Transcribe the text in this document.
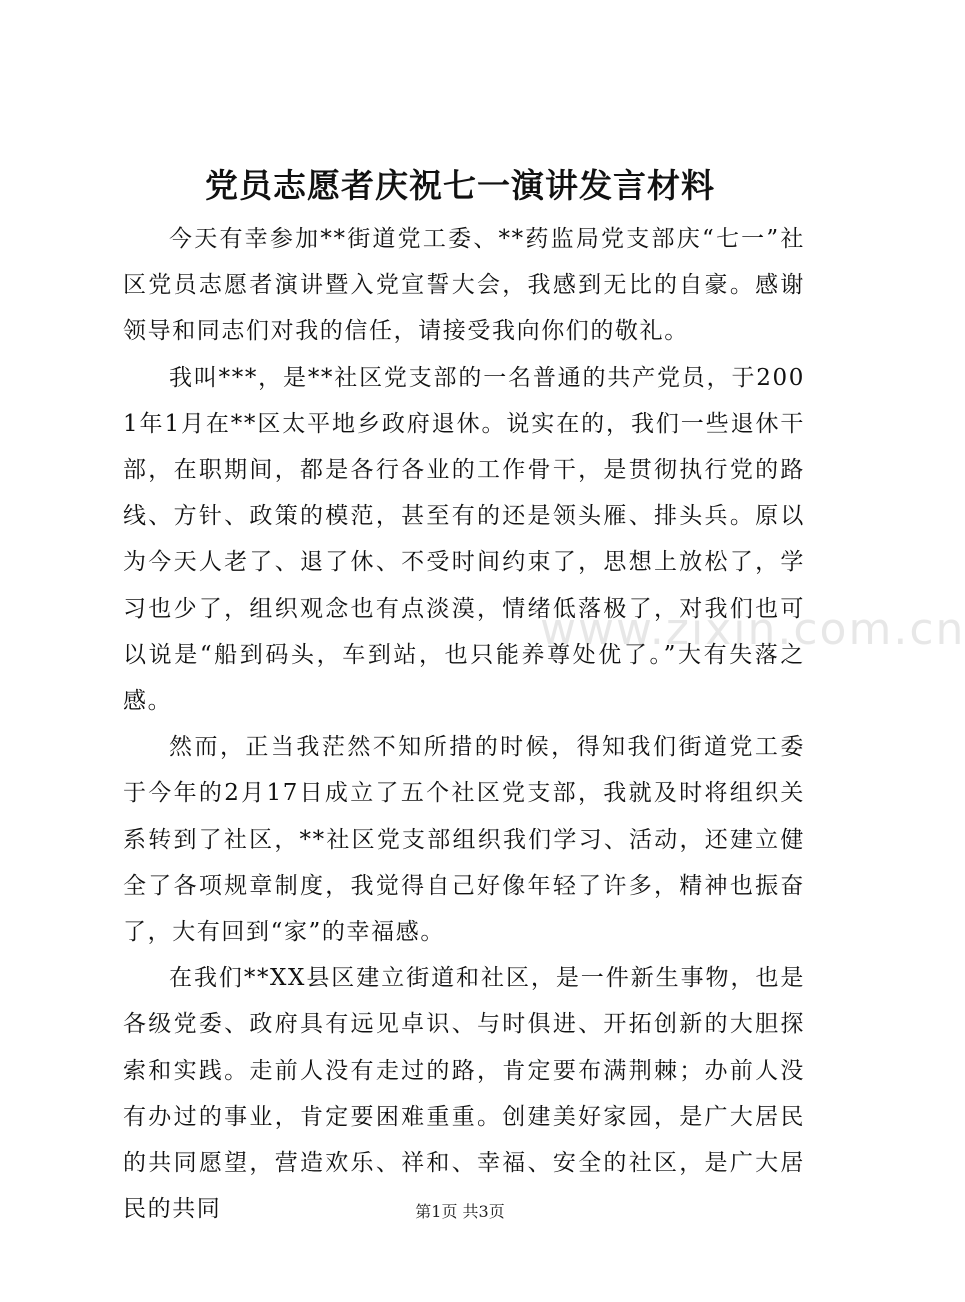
党员志愿者庆祝七一演讲发言材料

今天有幸参加**街道党工委、**药监局党支部庆“七一”社区党员志愿者演讲暨入党宣誓大会，我感到无比的自豪。感谢领导和同志们对我的信任，请接受我向你们的敬礼。

我叫***，是**社区党支部的一名普通的共产党员，于2001年1月在**区太平地乡政府退休。说实在的，我们一些退休干部，在职期间，都是各行各业的工作骨干，是贯彻执行党的路线、方针、政策的模范，甚至有的还是领头雁、排头兵。原以为今天人老了、退了休、不受时间约束了，思想上放松了，学习也少了，组织观念也有点淡漠，情绪低落极了，对我们也可以说是“船到码头，车到站，也只能养尊处优了。”大有失落之感。

然而，正当我茫然不知所措的时候，得知我们街道党工委于今年的2月17日成立了五个社区党支部，我就及时将组织关系转到了社区，**社区党支部组织我们学习、活动，还建立健全了各项规章制度，我觉得自己好像年轻了许多，精神也振奋了，大有回到“家”的幸福感。

在我们**XX县区建立街道和社区，是一件新生事物，也是各级党委、政府具有远见卓识、与时俱进、开拓创新的大胆探索和实践。走前人没有走过的路，肯定要布满荆棘；办前人没有办过的事业，肯定要困难重重。创建美好家园，是广大居民的共同愿望，营造欢乐、祥和、幸福、安全的社区，是广大居民的共同

www.zixin.com.cn
第1页 共3页
